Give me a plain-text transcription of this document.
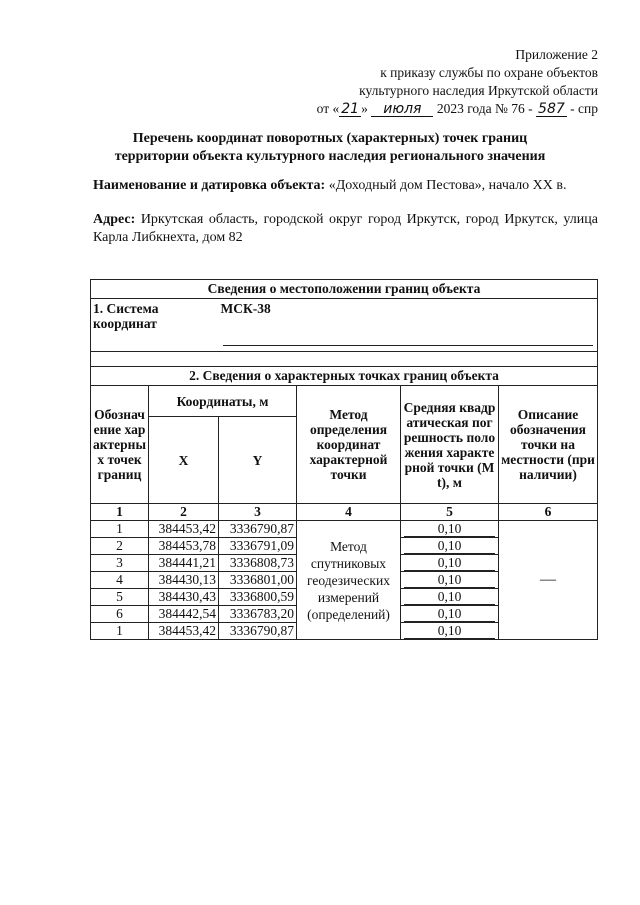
Приложение 2
к приказу службы по охране объектов
культурного наследия Иркутской области
от « 21 » июля 2023 года № 76 - 587 - спр
Перечень координат поворотных (характерных) точек границ
территории объекта культурного наследия регионального значения
Наименование и датировка объекта: «Доходный дом Пестова», начало XX в.
Адрес: Иркутская область, городской округ город Иркутск, город Иркутск, улица Карла Либкнехта, дом 82
Сведения о местоположении границ объекта					
1. Система координат		МСК-38			

2. Сведения о характерных точках границ объекта					
Обозначение характерных точек границ	Координаты, м		Метод определения координат характерной точки	Средняя квадратическая погрешность положения характерной точки (Mt), м	Описание обозначения точки на местности (при наличии)
	X	Y			
1	2	3	4	5	6
1	384453,42	3336790,87	Метод спутниковых геодезических измерений (определений)	0,10	—
2	384453,78	3336791,09		0,10	

3	384441,21	3336808,73		0,10	

4	384430,13	3336801,00		0,10	

5	384430,43	3336800,59		0,10	

6	384442,54	3336783,20		0,10	

1	384453,42	3336790,87		0,10	
